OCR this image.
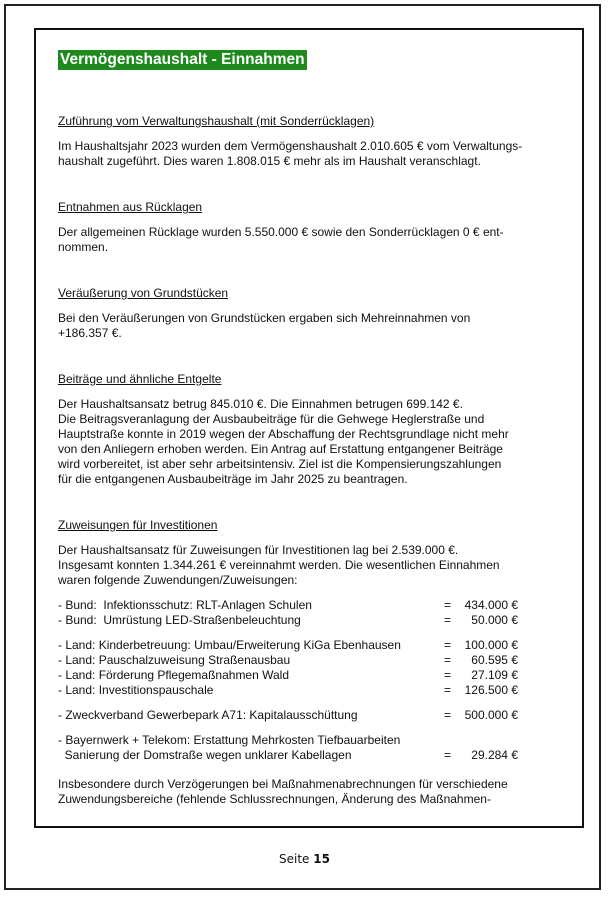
Vermögenshaushalt - Einnahmen

Zuführung vom Verwaltungshaushalt (mit Sonderrücklagen)

Im Haushaltsjahr 2023 wurden dem Vermögenshaushalt 2.010.605 € vom Verwaltungs-

haushalt zugeführt. Dies waren 1.808.015 € mehr als im Haushalt veranschlagt.

Entnahmen aus Rücklagen

Der allgemeinen Rücklage wurden 5.550.000 € sowie den Sonderrücklagen 0 € ent-

nommen.

Veräußerung von Grundstücken

Bei den Veräußerungen von Grundstücken ergaben sich Mehreinnahmen von

+186.357 €.

Beiträge und ähnliche Entgelte

Der Haushaltsansatz betrug 845.010 €. Die Einnahmen betrugen 699.142 €.

Die Beitragsveranlagung der Ausbaubeiträge für die Gehwege Heglerstraße und

Hauptstraße konnte in 2019 wegen der Abschaffung der Rechtsgrundlage nicht mehr

von den Anliegern erhoben werden. Ein Antrag auf Erstattung entgangener Beiträge

wird vorbereitet, ist aber sehr arbeitsintensiv. Ziel ist die Kompensierungszahlungen

für die entgangenen Ausbaubeiträge im Jahr 2025 zu beantragen.

Zuweisungen für Investitionen

Der Haushaltsansatz für Zuweisungen für Investitionen lag bei 2.539.000 €.

Insgesamt konnten 1.344.261 € vereinnahmt werden. Die wesentlichen Einnahmen

waren folgende Zuwendungen/Zuweisungen:

- Bund:  Infektionsschutz: RLT-Anlagen Schulen	=	434.000 €
- Bund:  Umrüstung LED-Straßenbeleuchtung	=	50.000 €
- Land: Kinderbetreuung: Umbau/Erweiterung KiGa Ebenhausen	=	100.000 €
- Land: Pauschalzuweisung Straßenausbau	=	60.595 €
- Land: Förderung Pflegemaßnahmen Wald	=	27.109 €
- Land: Investitionspauschale	=	126.500 €
- Zweckverband Gewerbepark A71: Kapitalausschüttung	=	500.000 €
- Bayernwerk + Telekom: Erstattung Mehrkosten Tiefbauarbeiten
Sanierung der Domstraße wegen unklarer Kabellagen	=	29.284 €

Insbesondere durch Verzögerungen bei Maßnahmenabrechnungen für verschiedene

Zuwendungsbereiche (fehlende Schlussrechnungen, Änderung des Maßnahmen-

Seite 15
